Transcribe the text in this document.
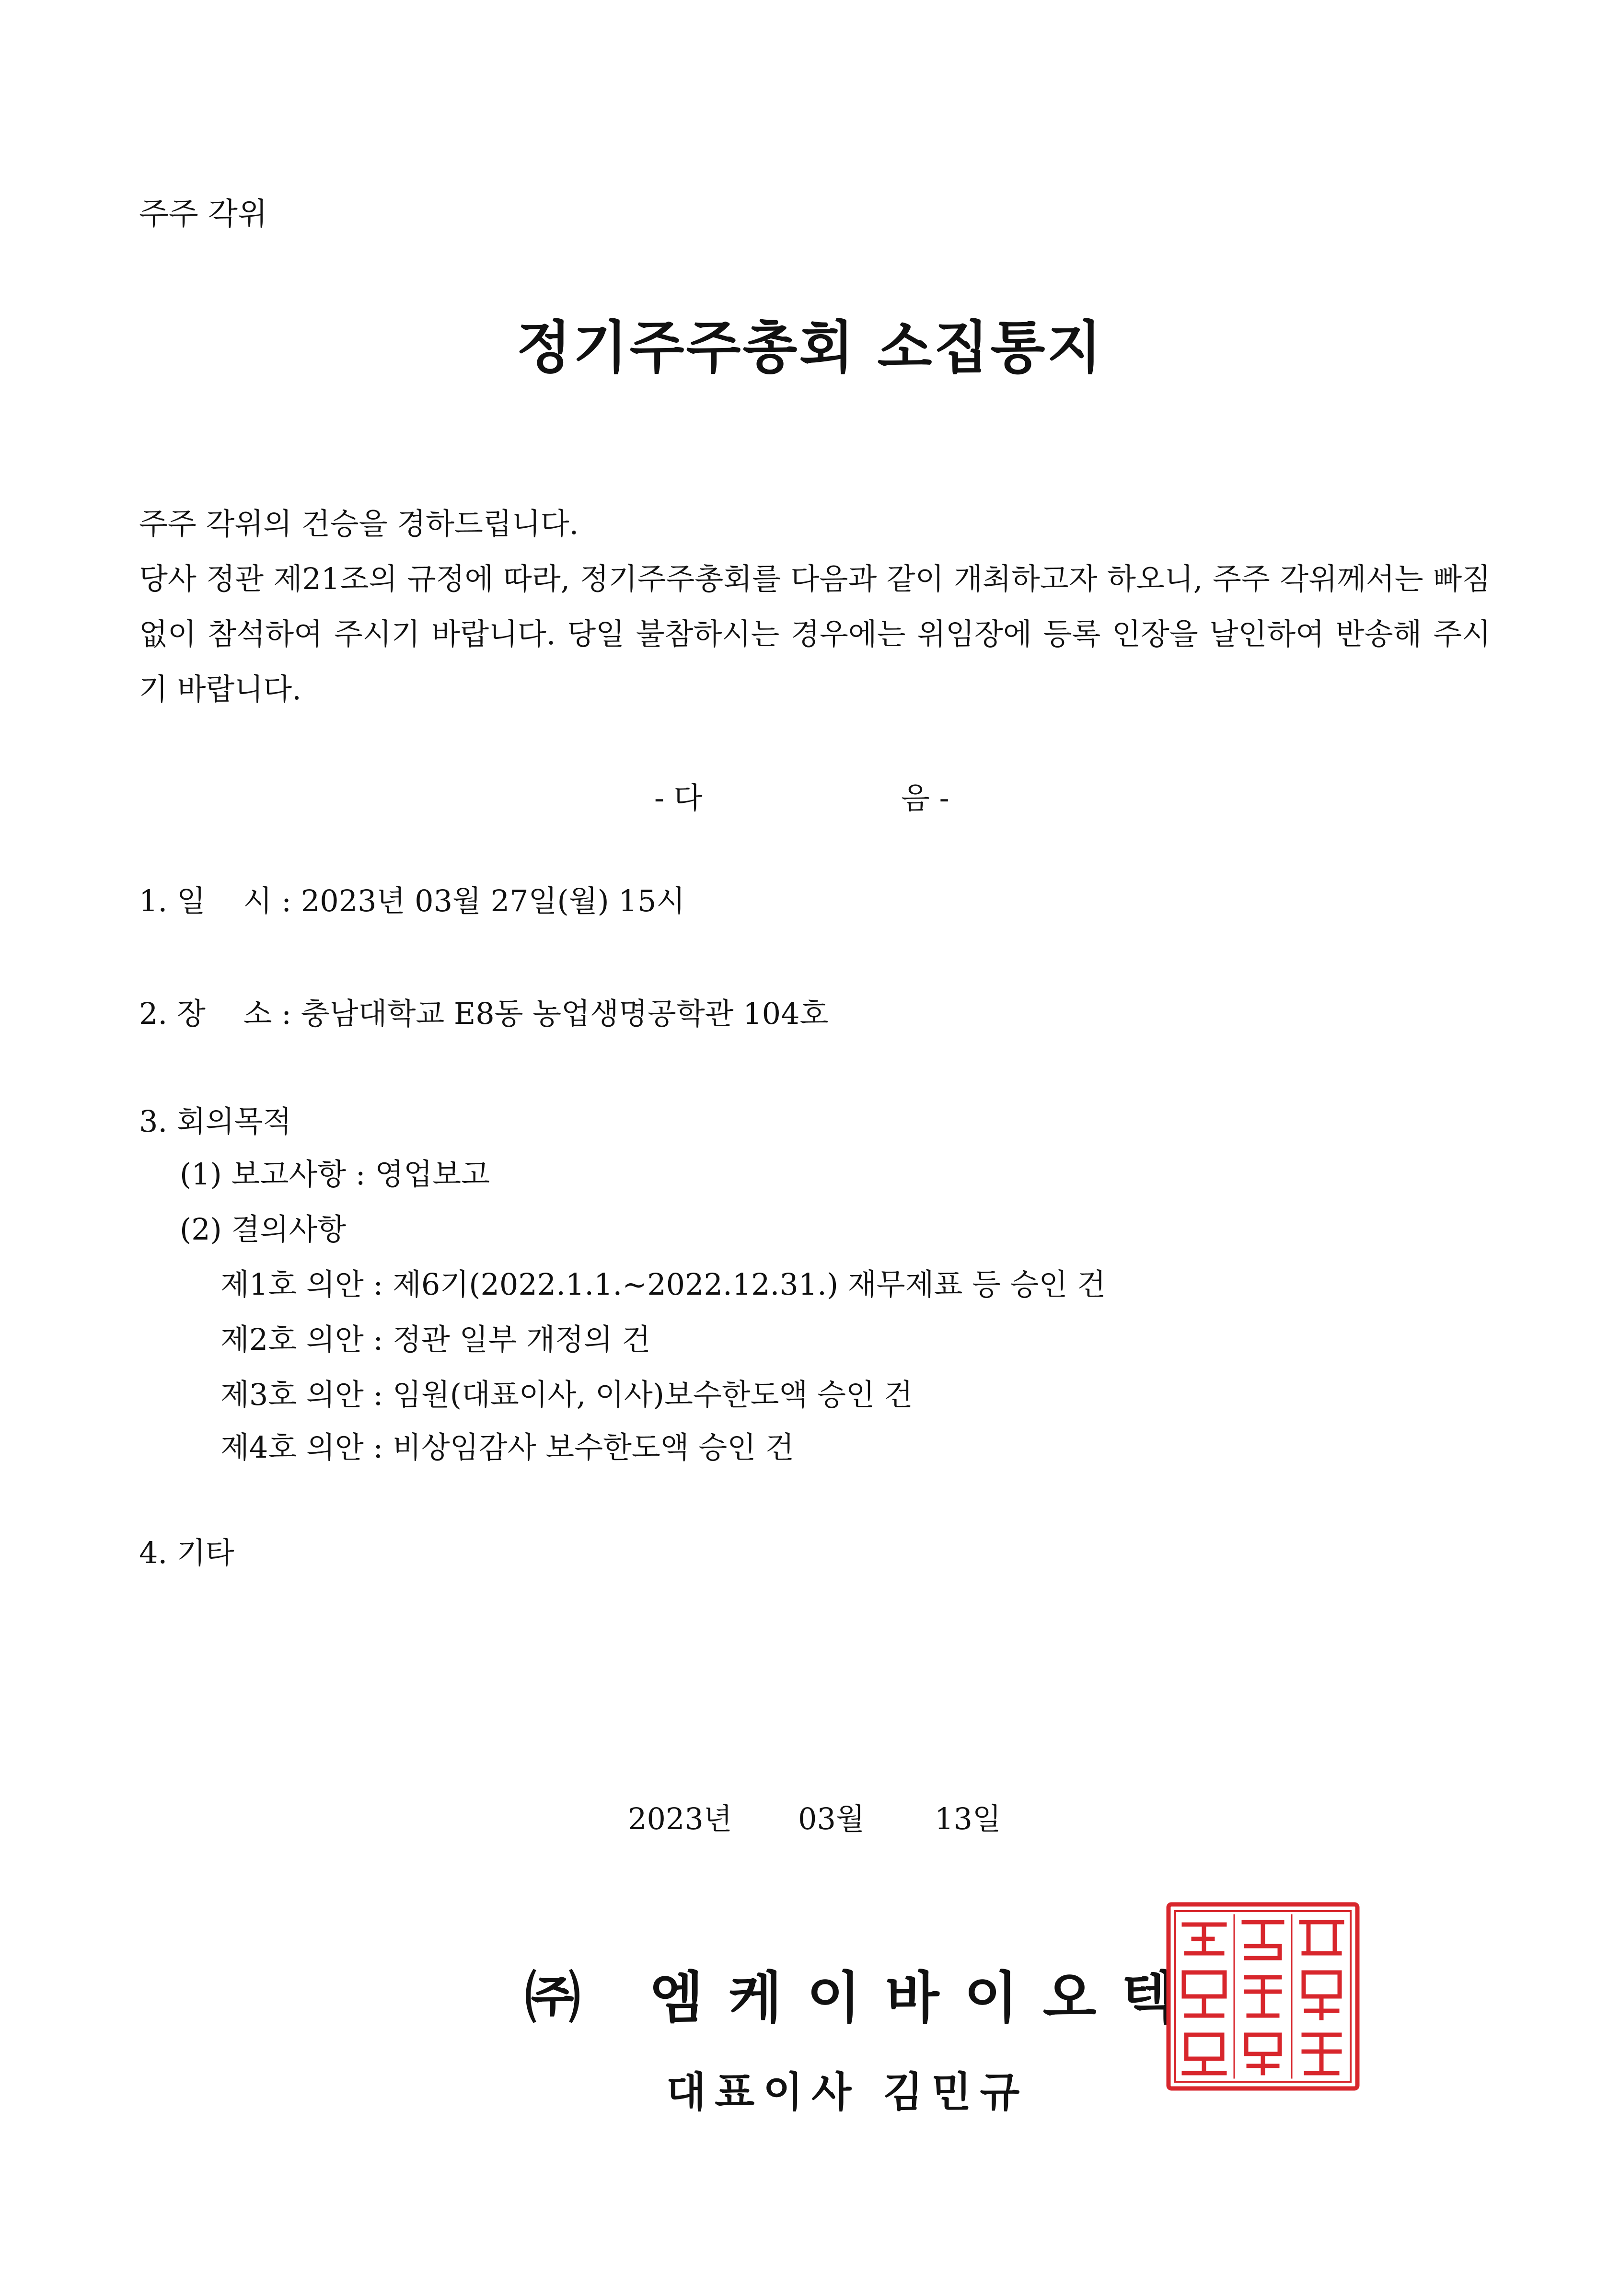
주주 각위
정기주주총회 소집통지

주주 각위의 건승을 경하드립니다.

당사 정관 제21조의 규정에 따라, 정기주주총회를 다음과 같이 개최하고자 하오니, 주주 각위께서는 빠짐없이 참석하여 주시기 바랍니다. 당일 불참하시는 경우에는 위임장에 등록 인장을 날인하여 반송해 주시기 바랍니다.

- 다	음 -
1. 일    시 : 2023년 03월 27일(월) 15시
2. 장    소 : 충남대학교 E8동 농업생명공학관 104호
3. 회의목적
(1) 보고사항 : 영업보고
(2) 결의사항
제1호 의안 : 제6기(2022.1.1.~2022.12.31.) 재무제표 등 승인 건
제2호 의안 : 정관 일부 개정의 건
제3호 의안 : 임원(대표이사, 이사)보수한도액 승인 건
제4호 의안 : 비상임감사 보수한도액 승인 건
4. 기타
2023년 03월 13일
㈜ 엠케이바이오텍
대표이사 김민규
